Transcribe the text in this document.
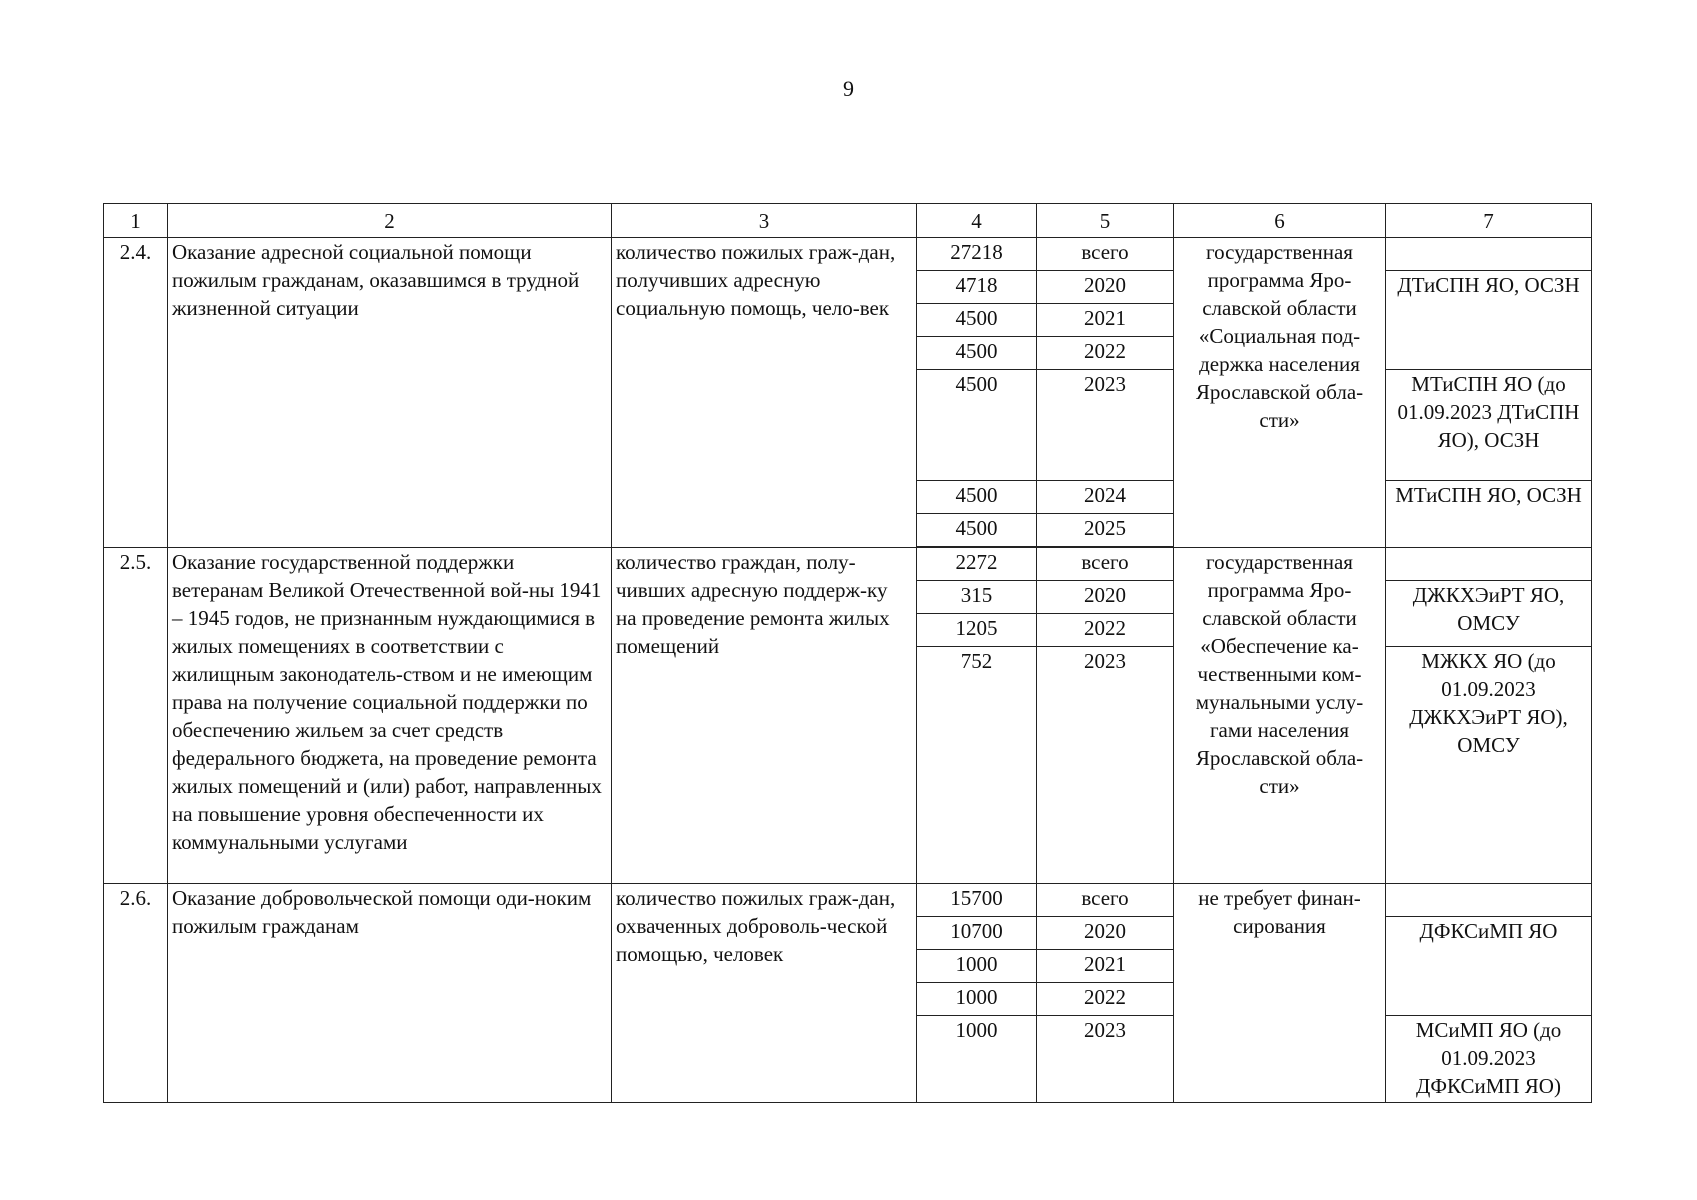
9
1	2	3	4	5	6	7
2.4.	Оказание адресной социальной помощи пожилым гражданам, оказавшимся в трудной жизненной ситуации	количество пожилых граж-дан, получивших адресную социальную помощь, чело-век	27218	всего	государственная программа Яро-славской области «Социальная под-держка населения Ярославской обла-сти»	
			4718	2020		ДТиСПН ЯО, ОСЗН
			4500	2021		
			4500	2022		
			4500	2023		МТиСПН ЯО (до 01.09.2023 ДТиСПН ЯО), ОСЗН
			4500	2024		МТиСПН ЯО, ОСЗН
			4500	2025		

2.5.	Оказание государственной поддержки ветеранам Великой Отечественной вой-ны 1941 – 1945 годов, не признанным нуждающимися в жилых помещениях в соответствии с жилищным законодатель-ством и не имеющим права на получение социальной поддержки по обеспечению жильем за счет средств федерального бюджета, на проведение ремонта жилых помещений и (или) работ, направленных на повышение уровня обеспеченности их коммунальными услугами	количество граждан, полу-чивших адресную поддерж-ку на проведение ремонта жилых помещений	2272	всего	государственная программа Яро-славской области «Обеспечение ка-чественными ком-мунальными услу-гами населения Ярославской обла-сти»	
			315	2020		ДЖКХЭиРТ ЯО, ОМСУ
			1205	2022		
			752	2023		МЖКХ ЯО (до 01.09.2023 ДЖКХЭиРТ ЯО), ОМСУ
2.6.	Оказание добровольческой помощи оди-ноким пожилым гражданам	количество пожилых граж-дан, охваченных доброволь-ческой помощью, человек	15700	всего	не требует финан-сирования	
			10700	2020		ДФКСиМП ЯО
			1000	2021		
			1000	2022		
			1000	2023		МСиМП ЯО (до 01.09.2023 ДФКСиМП ЯО)
